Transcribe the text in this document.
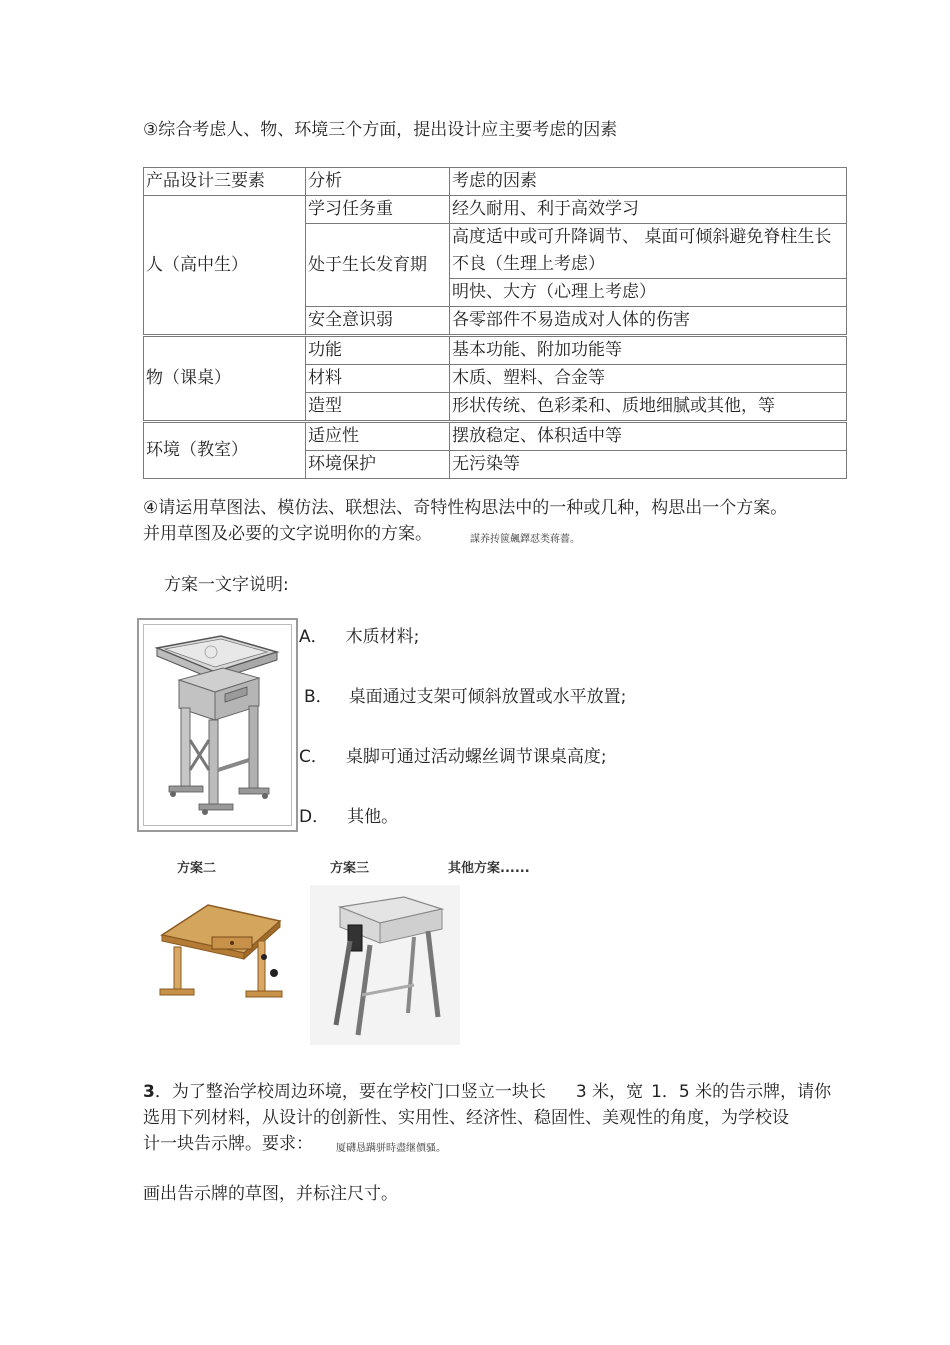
③综合考虑人、物、环境三个方面，提出设计应主要考虑的因素
产品设计三要素	分析	考虑的因素
人（高中生）	学习任务重	经久耐用、利于高效学习
	处于生长发育期	高度适中或可升降调节、 桌面可倾斜避免脊柱生长不良（生理上考虑）
		明快、大方（心理上考虑）
	安全意识弱	各零部件不易造成对人体的伤害
物（课桌）	功能	基本功能、附加功能等
	材料	木质、塑料、合金等
	造型	形状传统、色彩柔和、质地细腻或其他，等
环境（教室）	适应性	摆放稳定、体积适中等
	环境保护	无污染等
④请运用草图法、模仿法、联想法、奇特性构思法中的一种或几种，构思出一个方案。
并用草图及必要的文字说明你的方案。	謀养抟篋飆鐸怼类蒋薔。
方案一文字说明:
A． 木质材料;
B． 桌面通过支架可倾斜放置或水平放置;
C． 桌脚可通过活动螺丝调节课桌高度;
D． 其他。
方案二	方案三	其他方案......
3．为了整治学校周边环境，要在学校门口竖立一块长 3 米，宽 1．5 米的告示牌，请你
选用下列材料，从设计的创新性、实用性、经济性、稳固性、美观性的角度，为学校设
计一块告示牌。要求： 厦礴恳蹒骈時盡继價骚。
画出告示牌的草图，并标注尺寸。
